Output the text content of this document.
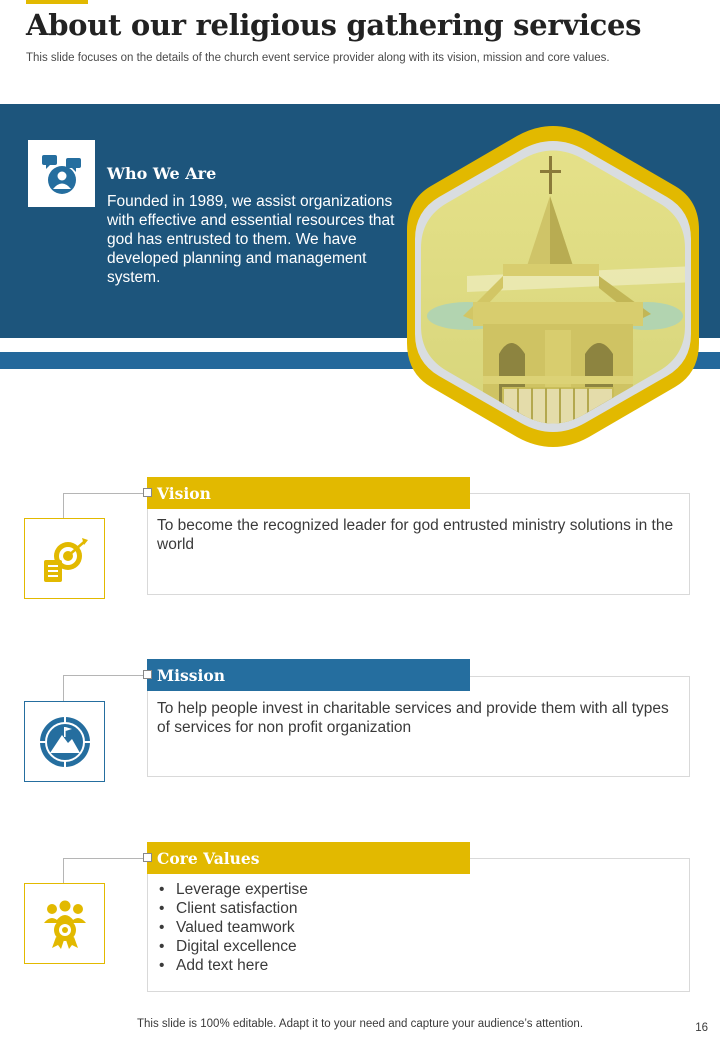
About our religious gathering services

This slide focuses on the details of the church event service provider along with its vision, mission and core values.

Who We Are

Founded in 1989, we assist organizations with effective and essential resources that god has entrusted to them. We have developed planning and management system.

Vision

To become the recognized leader for god entrusted ministry solutions in the world

Mission

To help people invest in charitable services and provide them with all types of services for non profit organization

Core Values
• Leverage expertise
• Client satisfaction
• Valued teamwork
• Digital excellence
• Add text here

This slide is 100% editable. Adapt it to your need and capture your audience’s attention.	16
